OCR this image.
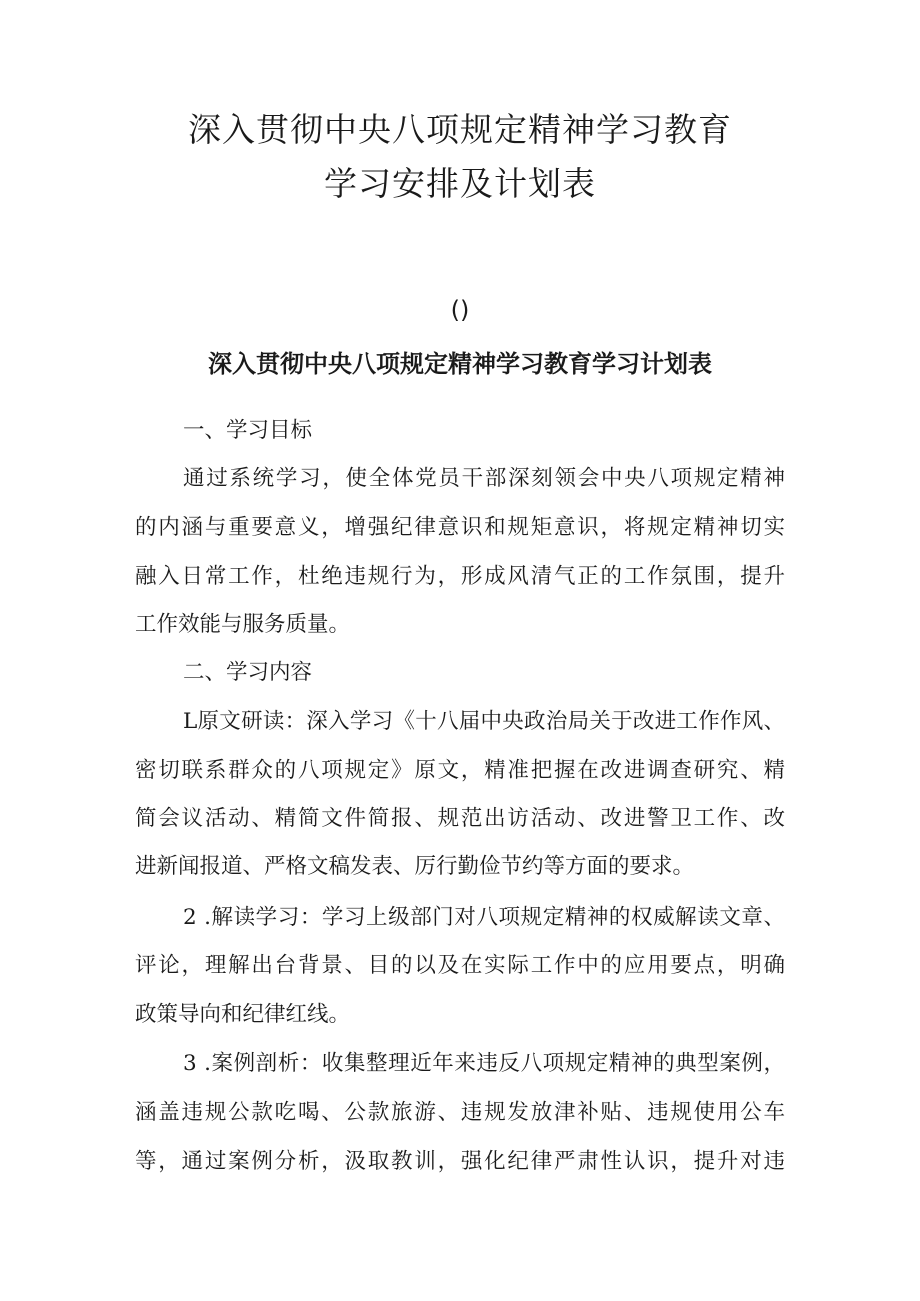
深入贯彻中央八项规定精神学习教育
学习安排及计划表
()
深入贯彻中央八项规定精神学习教育学习计划表

一、学习目标

通过系统学习，使全体党员干部深刻领会中央八项规定精神

的内涵与重要意义，增强纪律意识和规矩意识，将规定精神切实

融入日常工作，杜绝违规行为，形成风清气正的工作氛围，提升

工作效能与服务质量。

二、学习内容

L原文研读：深入学习《十八届中央政治局关于改进工作作风、

密切联系群众的八项规定》原文，精准把握在改进调查研究、精

简会议活动、精简文件简报、规范出访活动、改进警卫工作、改

进新闻报道、严格文稿发表、厉行勤俭节约等方面的要求。

2 .解读学习：学习上级部门对八项规定精神的权威解读文章、

评论，理解出台背景、目的以及在实际工作中的应用要点，明确

政策导向和纪律红线。

3 .案例剖析：收集整理近年来违反八项规定精神的典型案例，

涵盖违规公款吃喝、公款旅游、违规发放津补贴、违规使用公车

等，通过案例分析，汲取教训，强化纪律严肃性认识，提升对违
